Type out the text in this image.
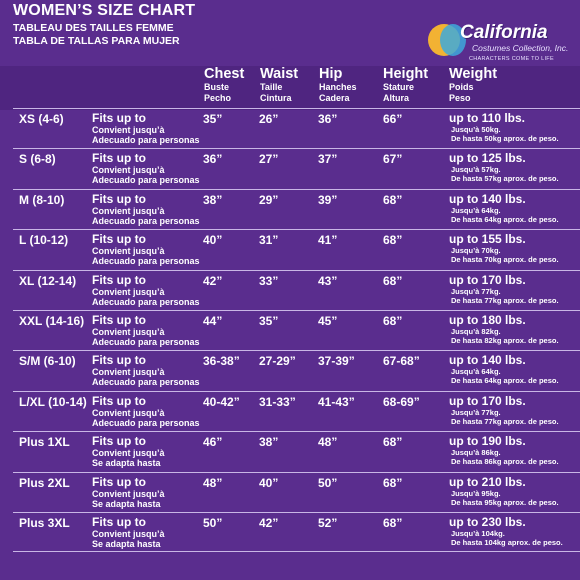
WOMEN’S SIZE CHART
TABLEAU DES TAILLES FEMME
TABLA DE TALLAS PARA MUJER	California
Costumes Collection, Inc.
CHARACTERS COME TO LIFE
Chest
Buste
Pecho
Waist
Taille
Cintura
Hip
Hanches
Cadera
Height
Stature
Altura
Weight
Poids
Peso
XS (4-6) Fits up to
Convient jusqu’à
Adecuado para personas
35”	26”	36”	66”	up to 110 lbs.
Jusqu’à 50kg.
De hasta 50kg aprox. de peso.
S (6-8)	Fits up to
Convient jusqu’à
Adecuado para personas
36”	27”	37”	67”	up to 125 lbs.
Jusqu’à 57kg.
De hasta 57kg aprox. de peso.
M (8-10) Fits up to
Convient jusqu’à
Adecuado para personas
38”	29”	39”	68”	up to 140 lbs.
Jusqu’à 64kg.
De hasta 64kg aprox. de peso.
L (10-12) Fits up to
Convient jusqu’à
Adecuado para personas
40”	31”	41”	68”	up to 155 lbs.
Jusqu’à 70kg.
De hasta 70kg aprox. de peso.
XL (12-14) Fits up to
Convient jusqu’à
Adecuado para personas
42”	33”	43”	68”	up to 170 lbs.
Jusqu’à 77kg.
De hasta 77kg aprox. de peso.
XXL (14-16) Fits up to
Convient jusqu’à
Adecuado para personas
44”	35”	45”	68”	up to 180 lbs.
Jusqu’à 82kg.
De hasta 82kg aprox. de peso.
S/M (6-10) Fits up to
Convient jusqu’à
Adecuado para personas
36-38” 27-29” 37-39” 67-68” up to 140 lbs.
Jusqu’à 64kg.
De hasta 64kg aprox. de peso.
L/XL (10-14) Fits up to
Convient jusqu’à
Adecuado para personas
40-42” 31-33” 41-43” 68-69” up to 170 lbs.
Jusqu’à 77kg.
De hasta 77kg aprox. de peso.
Plus 1XL Fits up to
Convient jusqu’à
Se adapta hasta
46”	38”	48”	68”	up to 190 lbs.
Jusqu’à 86kg.
De hasta 86kg aprox. de peso.
Plus 2XL Fits up to
Convient jusqu’à
Se adapta hasta
48”	40”	50”	68”	up to 210 lbs.
Jusqu’à 95kg.
De hasta 95kg aprox. de peso.
Plus 3XL Fits up to
Convient jusqu’à
Se adapta hasta
50”	42”	52”	68”	up to 230 lbs.
Jusqu’à 104kg.
De hasta 104kg aprox. de peso.
